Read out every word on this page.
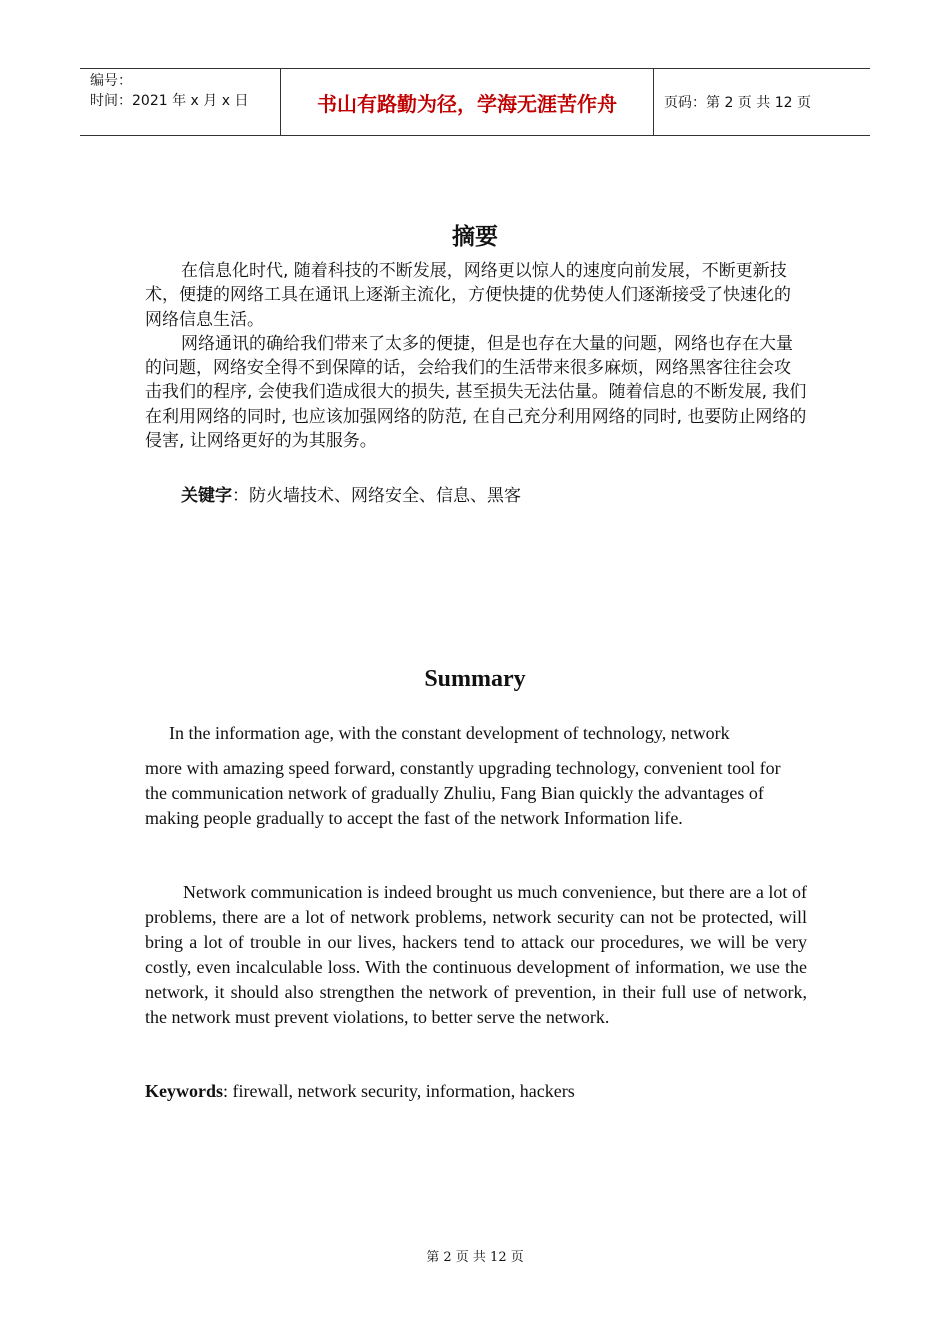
编号：
时间：2021 年 x 月 x 日	书山有路勤为径，学海无涯苦作舟	页码：第 2 页 共 12 页
摘要

在信息化时代, 随着科技的不断发展，网络更以惊人的速度向前发展，不断更新技术，便捷的网络工具在通讯上逐渐主流化，方便快捷的优势使人们逐渐接受了快速化的网络信息生活。

网络通讯的确给我们带来了太多的便捷，但是也存在大量的问题，网络也存在大量的问题，网络安全得不到保障的话，会给我们的生活带来很多麻烦，网络黑客往往会攻击我们的程序, 会使我们造成很大的损失, 甚至损失无法估量。随着信息的不断发展, 我们在利用网络的同时, 也应该加强网络的防范, 在自己充分利用网络的同时, 也要防止网络的侵害, 让网络更好的为其服务。

关键字：防火墙技术、网络安全、信息、黑客
Summary
In the information age, with the constant development of technology, network

more with amazing speed forward, constantly upgrading technology, convenient tool for the communication network of gradually Zhuliu, Fang Bian quickly the advantages of making people gradually to accept the fast of the network Information life.

Network communication is indeed brought us much convenience, but there are a lot of problems, there are a lot of network problems, network security can not be protected, will bring a lot of trouble in our lives, hackers tend to attack our procedures, we will be very costly, even incalculable loss. With the continuous development of information, we use the network, it should also strengthen the network of prevention, in their full use of network, the network must prevent violations, to better serve the network.

Keywords: firewall, network security, information, hackers
第 2 页 共 12 页
